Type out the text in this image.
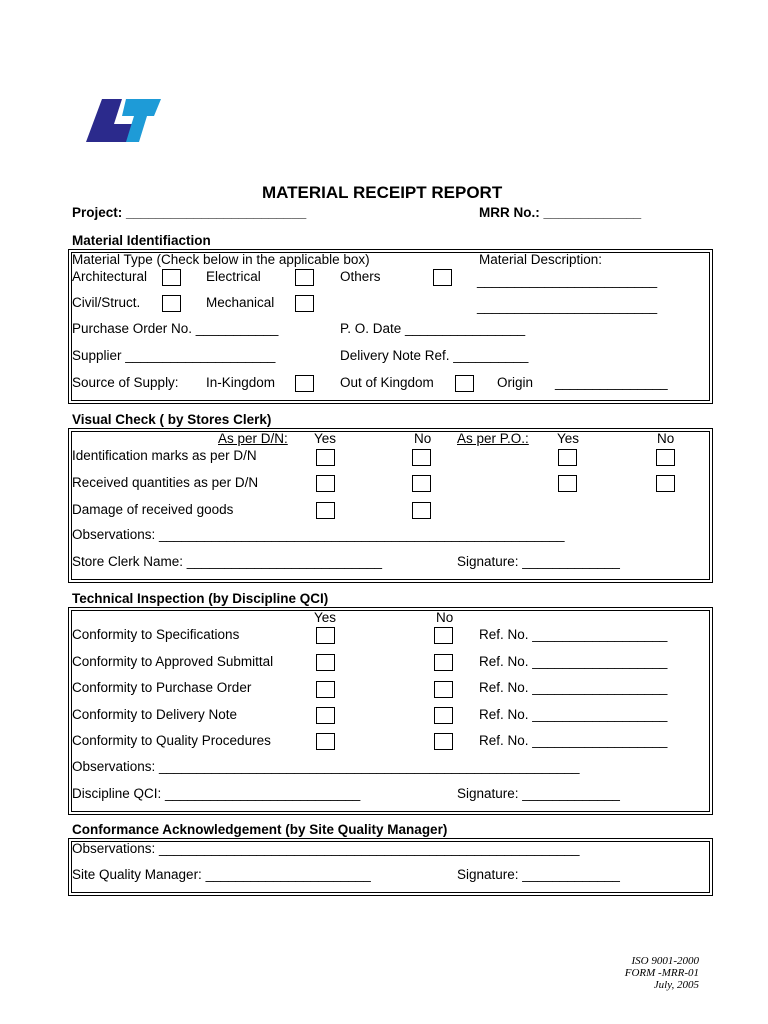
MATERIAL RECEIPT REPORT
Project: ________________________	MRR No.: _____________
Material Identifiaction
Material Type (Check below in the applicable box)	Material Description:
Architectural	Electrical	Others	________________________
Civil/Struct.	Mechanical	________________________
Purchase Order No. ___________	P. O. Date ________________
Supplier ____________________	Delivery Note Ref. __________
Source of Supply: In-Kingdom	Out of Kingdom	Origin _______________
Visual Check ( by Stores Clerk)
As per D/N: Yes	No As per P.O.: Yes	No
Identification marks as per D/N
Received quantities as per D/N
Damage of received goods
Observations: ______________________________________________________
Store Clerk Name: __________________________	Signature: _____________
Technical Inspection (by Discipline QCI)
Yes	No
Conformity to Specifications	Ref. No. __________________
Conformity to Approved Submittal	Ref. No. __________________
Conformity to Purchase Order	Ref. No. __________________
Conformity to Delivery Note	Ref. No. __________________
Conformity to Quality Procedures	Ref. No. __________________
Observations: ________________________________________________________
Discipline QCI: __________________________	Signature: _____________
Conformance Acknowledgement (by Site Quality Manager)
Observations: ________________________________________________________
Site Quality Manager: ______________________	Signature: _____________
ISO 9001-2000
FORM -MRR-01
July, 2005
